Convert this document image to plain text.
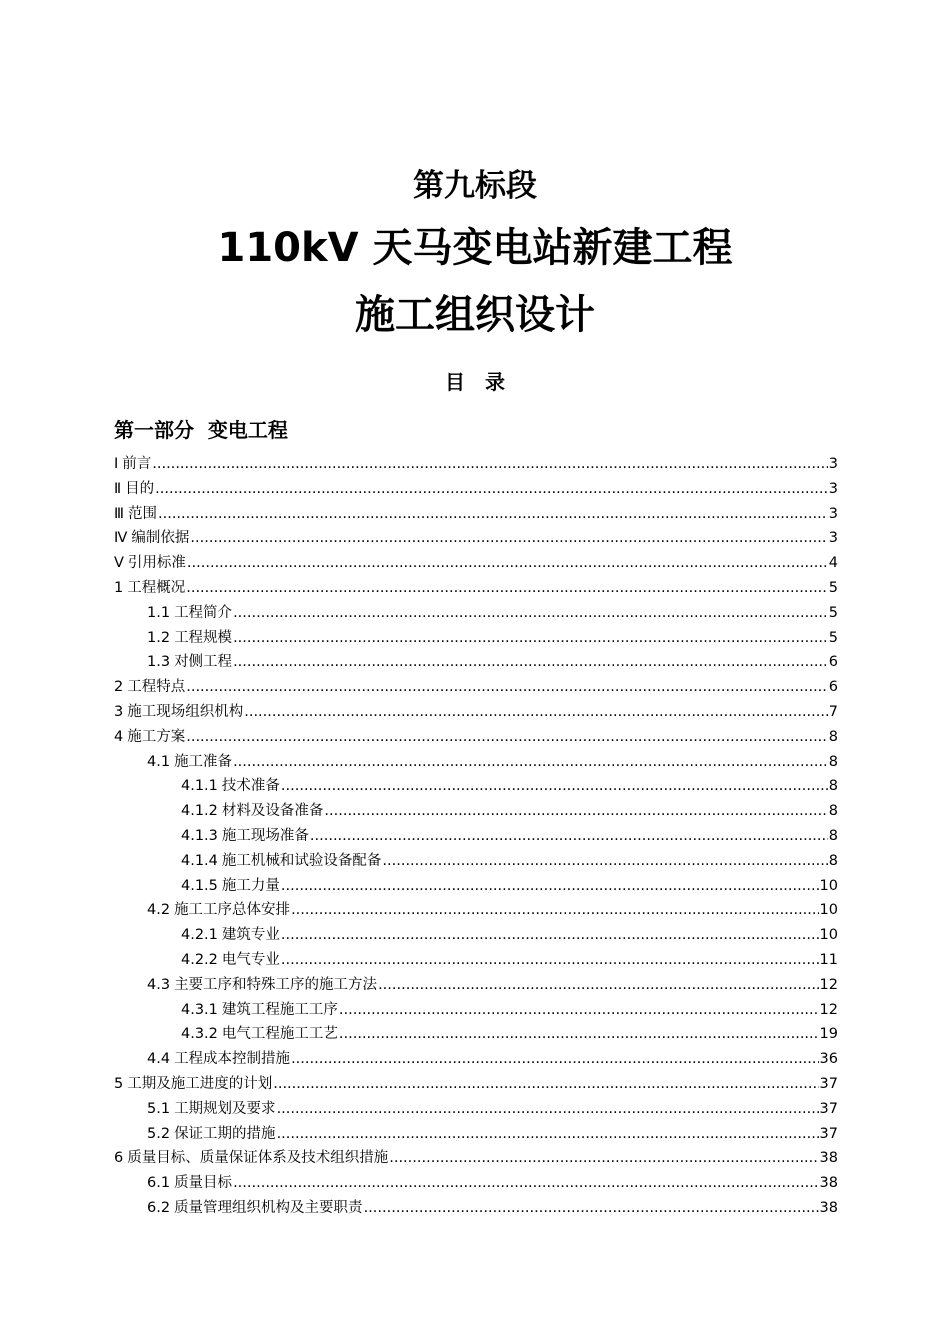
第九标段
110kV 天马变电站新建工程
施工组织设计
目　录
第一部分  变电工程
Ⅰ 前言 .....	3
Ⅱ 目的 .....	3
Ⅲ 范围 .....	3
Ⅳ 编制依据 .....	3
Ⅴ 引用标准 .....	4
1 工程概况 .....	5
1.1 工程简介 .....	5
1.2 工程规模 .....	5
1.3 对侧工程 .....	6
2 工程特点 .....	6
3 施工现场组织机构 .....	7
4 施工方案 .....	8
4.1 施工准备 .....	8
4.1.1 技术准备 .....	8
4.1.2 材料及设备准备 .....	8
4.1.3 施工现场准备 .....	8
4.1.4 施工机械和试验设备配备 .....	8
4.1.5 施工力量 .....	10
4.2 施工工序总体安排 .....	10
4.2.1 建筑专业 .....	10
4.2.2 电气专业 .....	11
4.3 主要工序和特殊工序的施工方法 .....	12
4.3.1 建筑工程施工工序 .....	12
4.3.2 电气工程施工工艺 .....	19
4.4 工程成本控制措施 .....	36
5 工期及施工进度的计划 .....	37
5.1 工期规划及要求 .....	37
5.2 保证工期的措施 .....	37
6 质量目标、质量保证体系及技术组织措施 .....	38
6.1 质量目标 .....	38
6.2 质量管理组织机构及主要职责 .....	38
